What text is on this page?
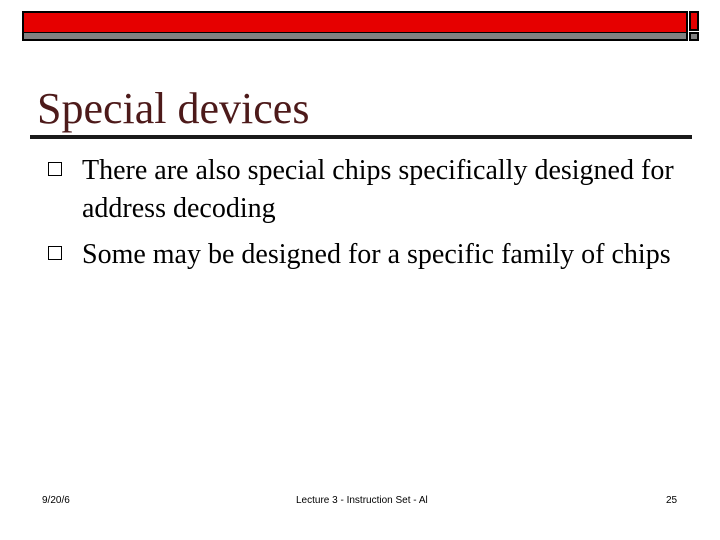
Special devices
There are also special chips specifically designed for address decoding
Some may be designed for a specific family of chips
9/20/6	Lecture 3 - Instruction Set - Al	25
